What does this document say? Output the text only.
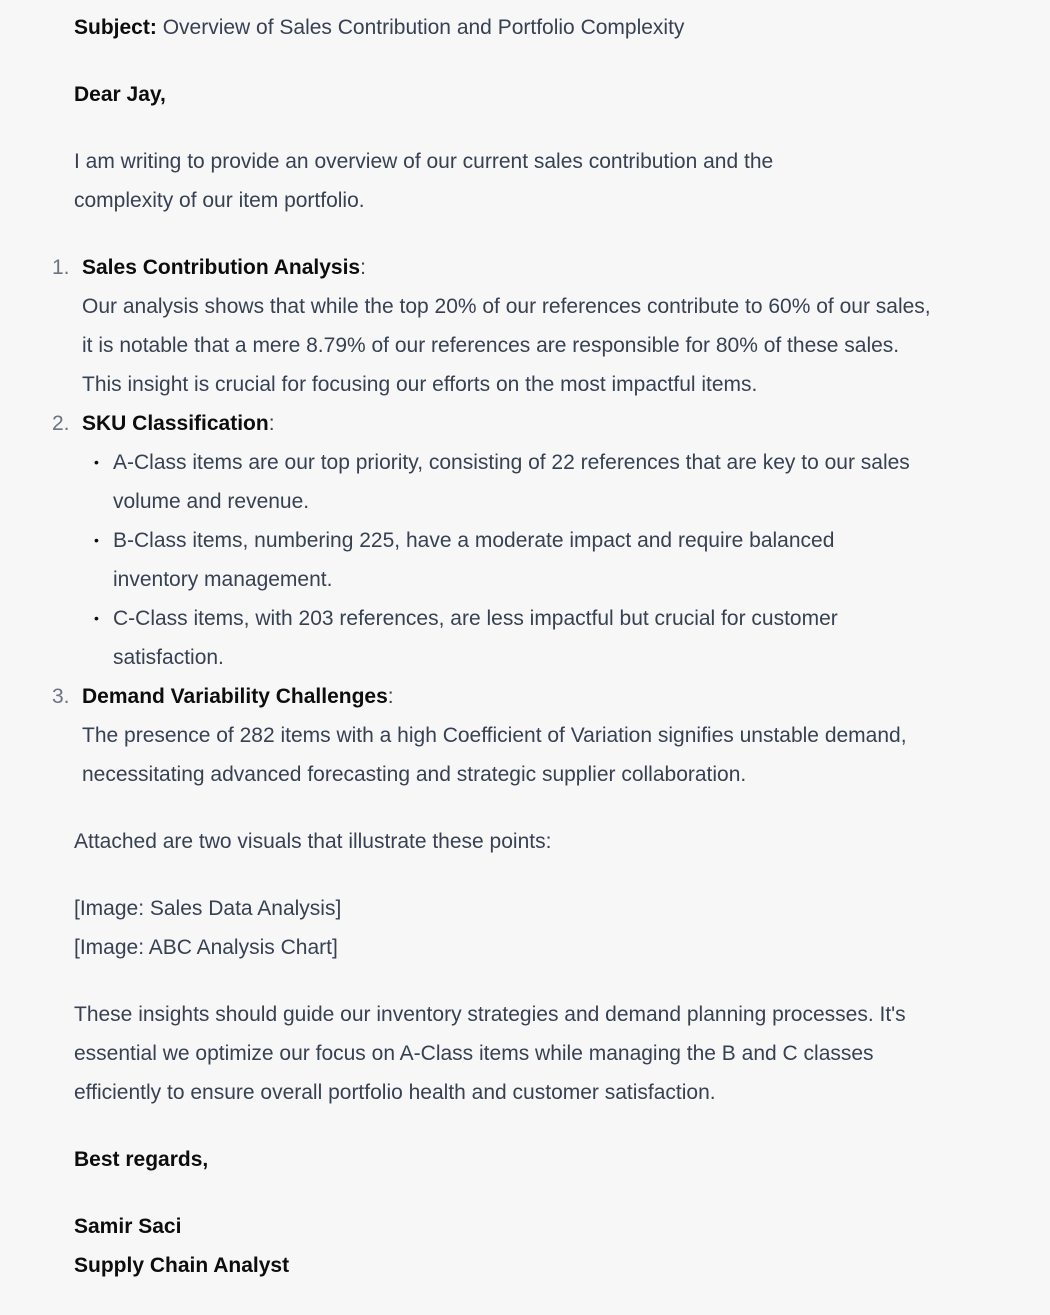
Subject: Overview of Sales Contribution and Portfolio Complexity

Dear Jay,

I am writing to provide an overview of our current sales contribution and the complexity of our item portfolio.

1. Sales Contribution Analysis:
Our analysis shows that while the top 20% of our references contribute to 60% of our sales, it is notable that a mere 8.79% of our references are responsible for 80% of these sales. This insight is crucial for focusing our efforts on the most impactful items.
2. SKU Classification:
• A-Class items are our top priority, consisting of 22 references that are key to our sales volume and revenue.
• B-Class items, numbering 225, have a moderate impact and require balanced inventory management.
• C-Class items, with 203 references, are less impactful but crucial for customer satisfaction.
3. Demand Variability Challenges:
The presence of 282 items with a high Coefficient of Variation signifies unstable demand, necessitating advanced forecasting and strategic supplier collaboration.

Attached are two visuals that illustrate these points:

[Image: Sales Data Analysis]
[Image: ABC Analysis Chart]

These insights should guide our inventory strategies and demand planning processes. It's essential we optimize our focus on A-Class items while managing the B and C classes efficiently to ensure overall portfolio health and customer satisfaction.

Best regards,

Samir Saci
Supply Chain Analyst
